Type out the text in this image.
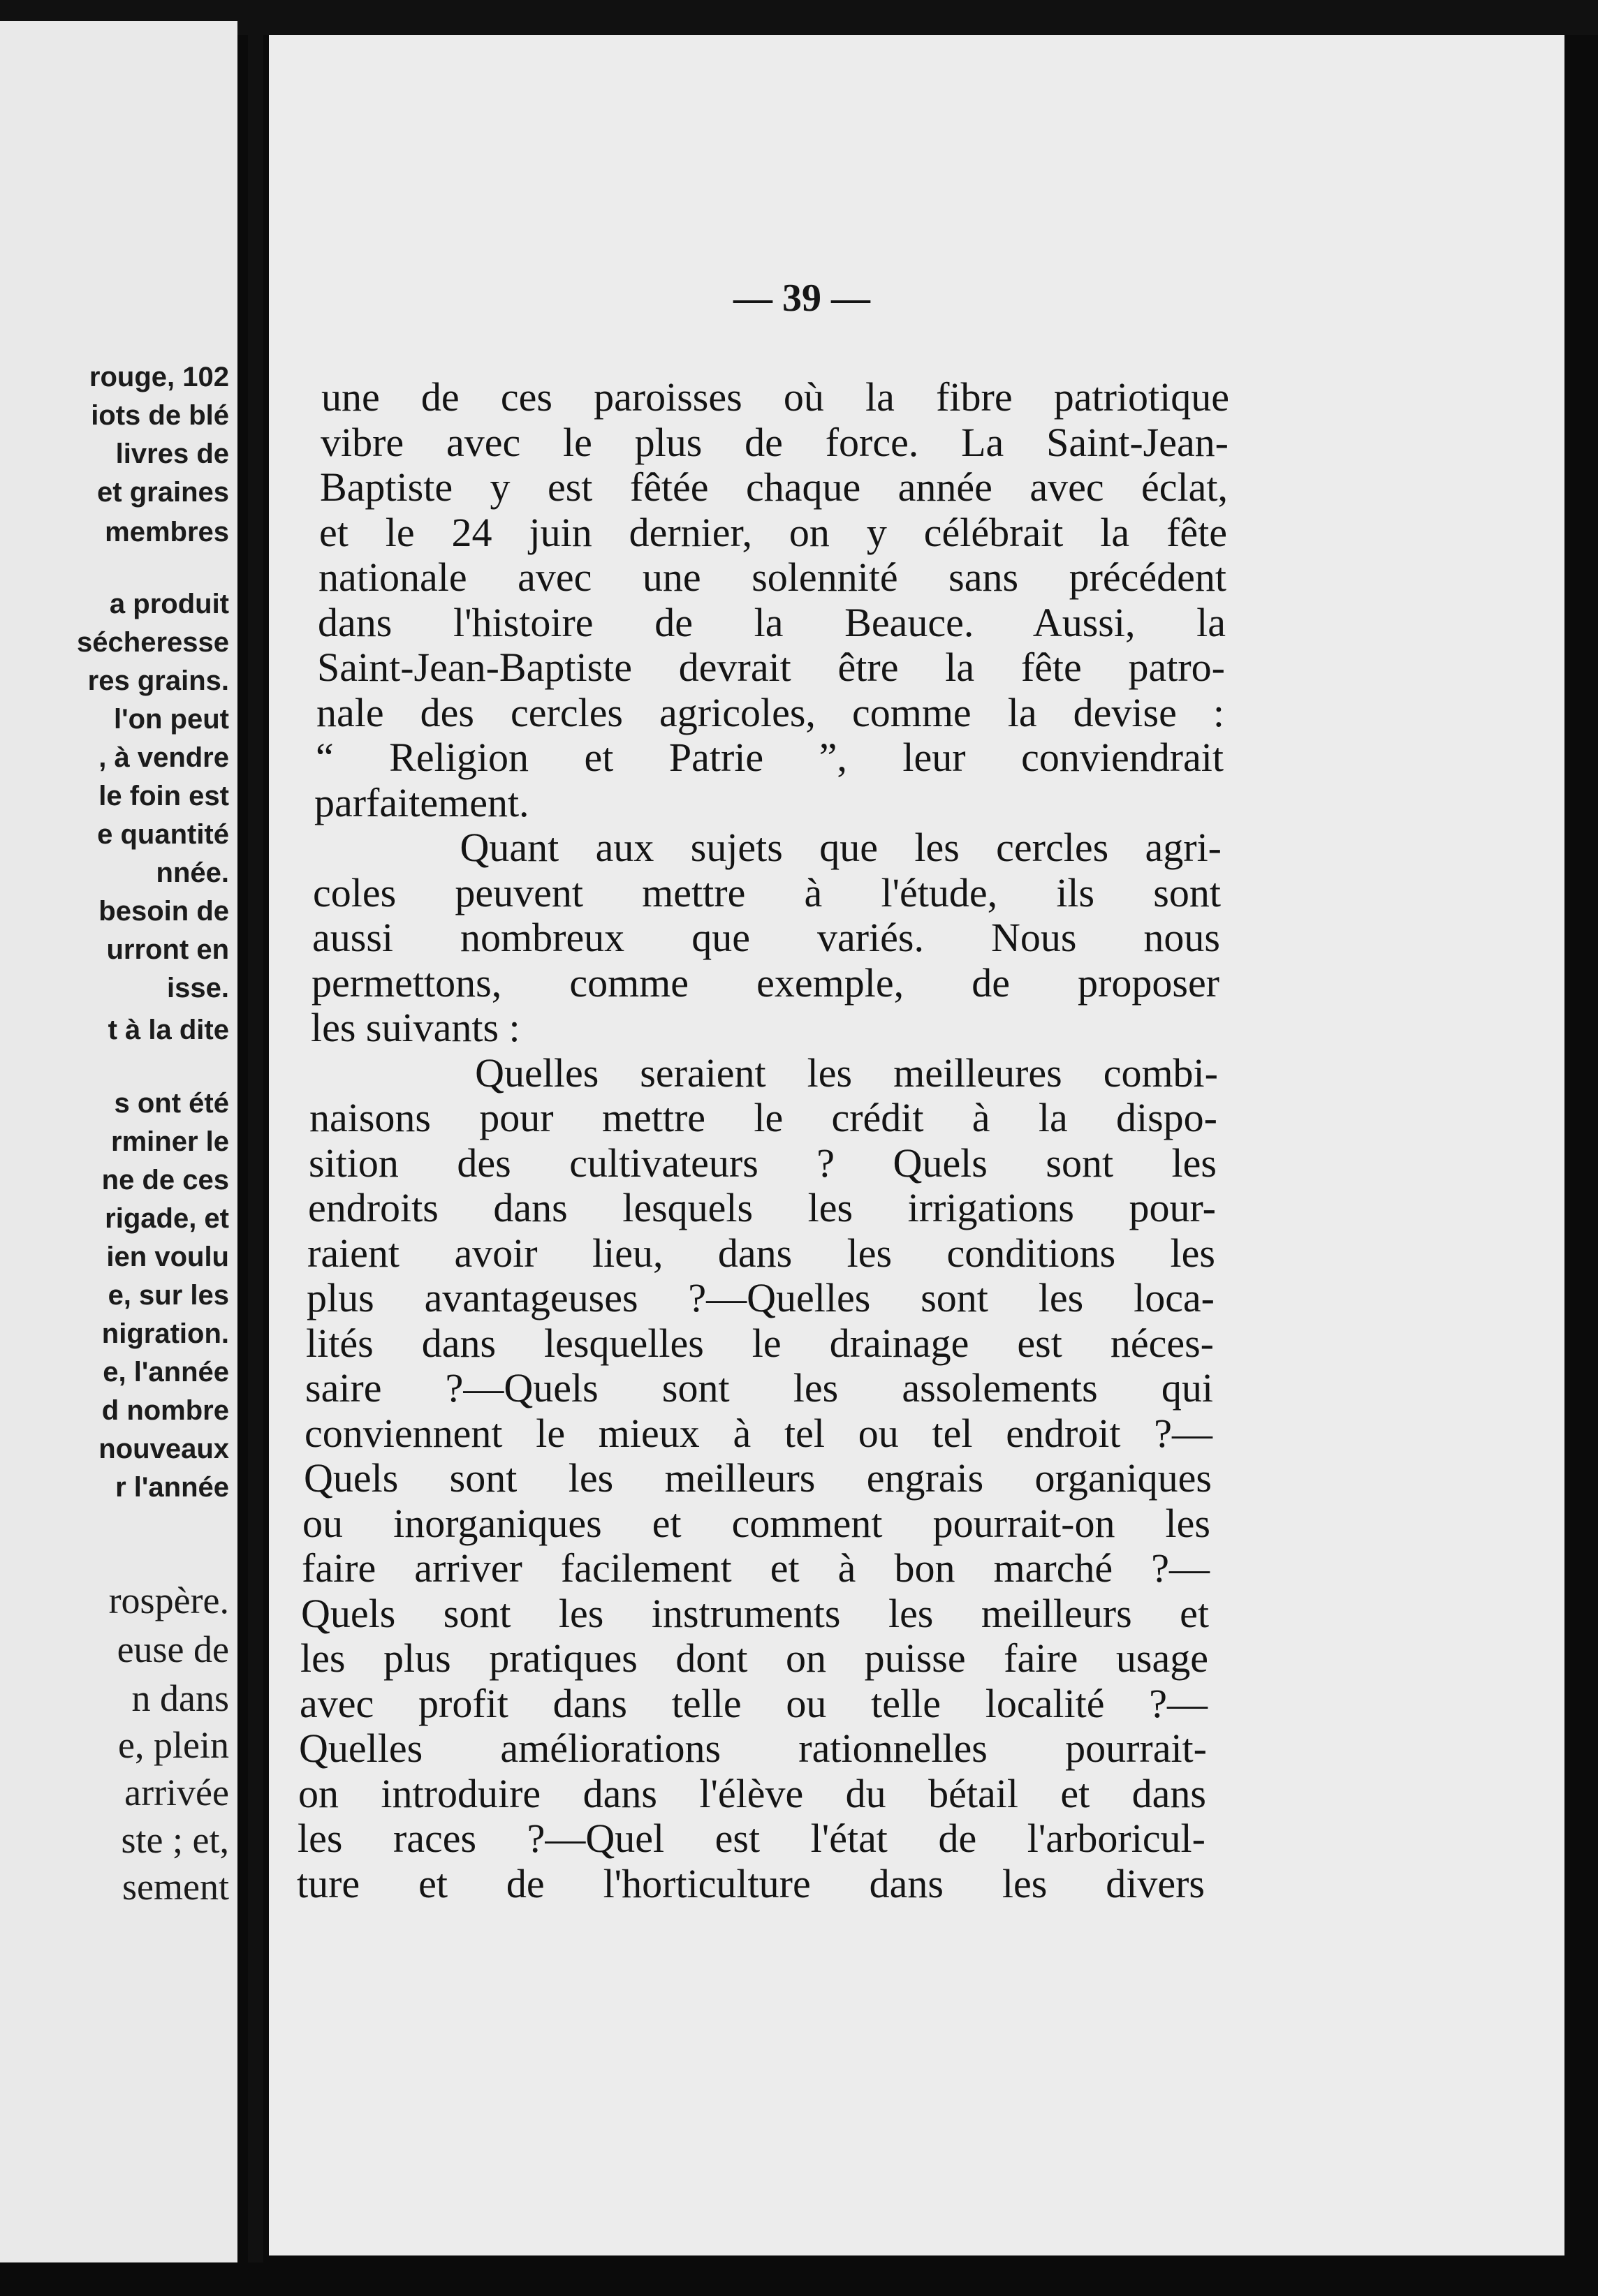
rouge, 102
iots de blé
livres de
et graines
membres
a produit
sécheresse
res grains.
l'on peut
, à vendre
le foin est
e quantité
nnée.
besoin de
urront en
isse.
t à la dite
s ont été
rminer le
ne de ces
rigade, et
ien voulu
e, sur les
nigration.
e, l'année
d nombre
nouveaux
r l'année
rospère.
euse de
n dans
e, plein
arrivée
ste ; et,
sement
— 39 —
une de ces paroisses où la fibre patriotique
vibre avec le plus de force. La Saint-Jean-
Baptiste y est fêtée chaque année avec éclat,
et le 24 juin dernier, on y célébrait la fête
nationale avec une solennité sans précédent
dans l'histoire de la Beauce. Aussi, la
Saint-Jean-Baptiste devrait être la fête patro-
nale des cercles agricoles, comme la devise :
“ Religion et Patrie ”, leur conviendrait
parfaitement.
Quant aux sujets que les cercles agri-
coles peuvent mettre à l'étude, ils sont
aussi nombreux que variés. Nous nous
permettons, comme exemple, de proposer
les suivants :
Quelles seraient les meilleures combi-
naisons pour mettre le crédit à la dispo-
sition des cultivateurs ? Quels sont les
endroits dans lesquels les irrigations pour-
raient avoir lieu, dans les conditions les
plus avantageuses ?—Quelles sont les loca-
lités dans lesquelles le drainage est néces-
saire ?—Quels sont les assolements qui
conviennent le mieux à tel ou tel endroit ?—
Quels sont les meilleurs engrais organiques
ou inorganiques et comment pourrait-on les
faire arriver facilement et à bon marché ?—
Quels sont les instruments les meilleurs et
les plus pratiques dont on puisse faire usage
avec profit dans telle ou telle localité ?—
Quelles améliorations rationnelles pourrait-
on introduire dans l'élève du bétail et dans
les races ?—Quel est l'état de l'arboricul-
ture et de l'horticulture dans les divers
